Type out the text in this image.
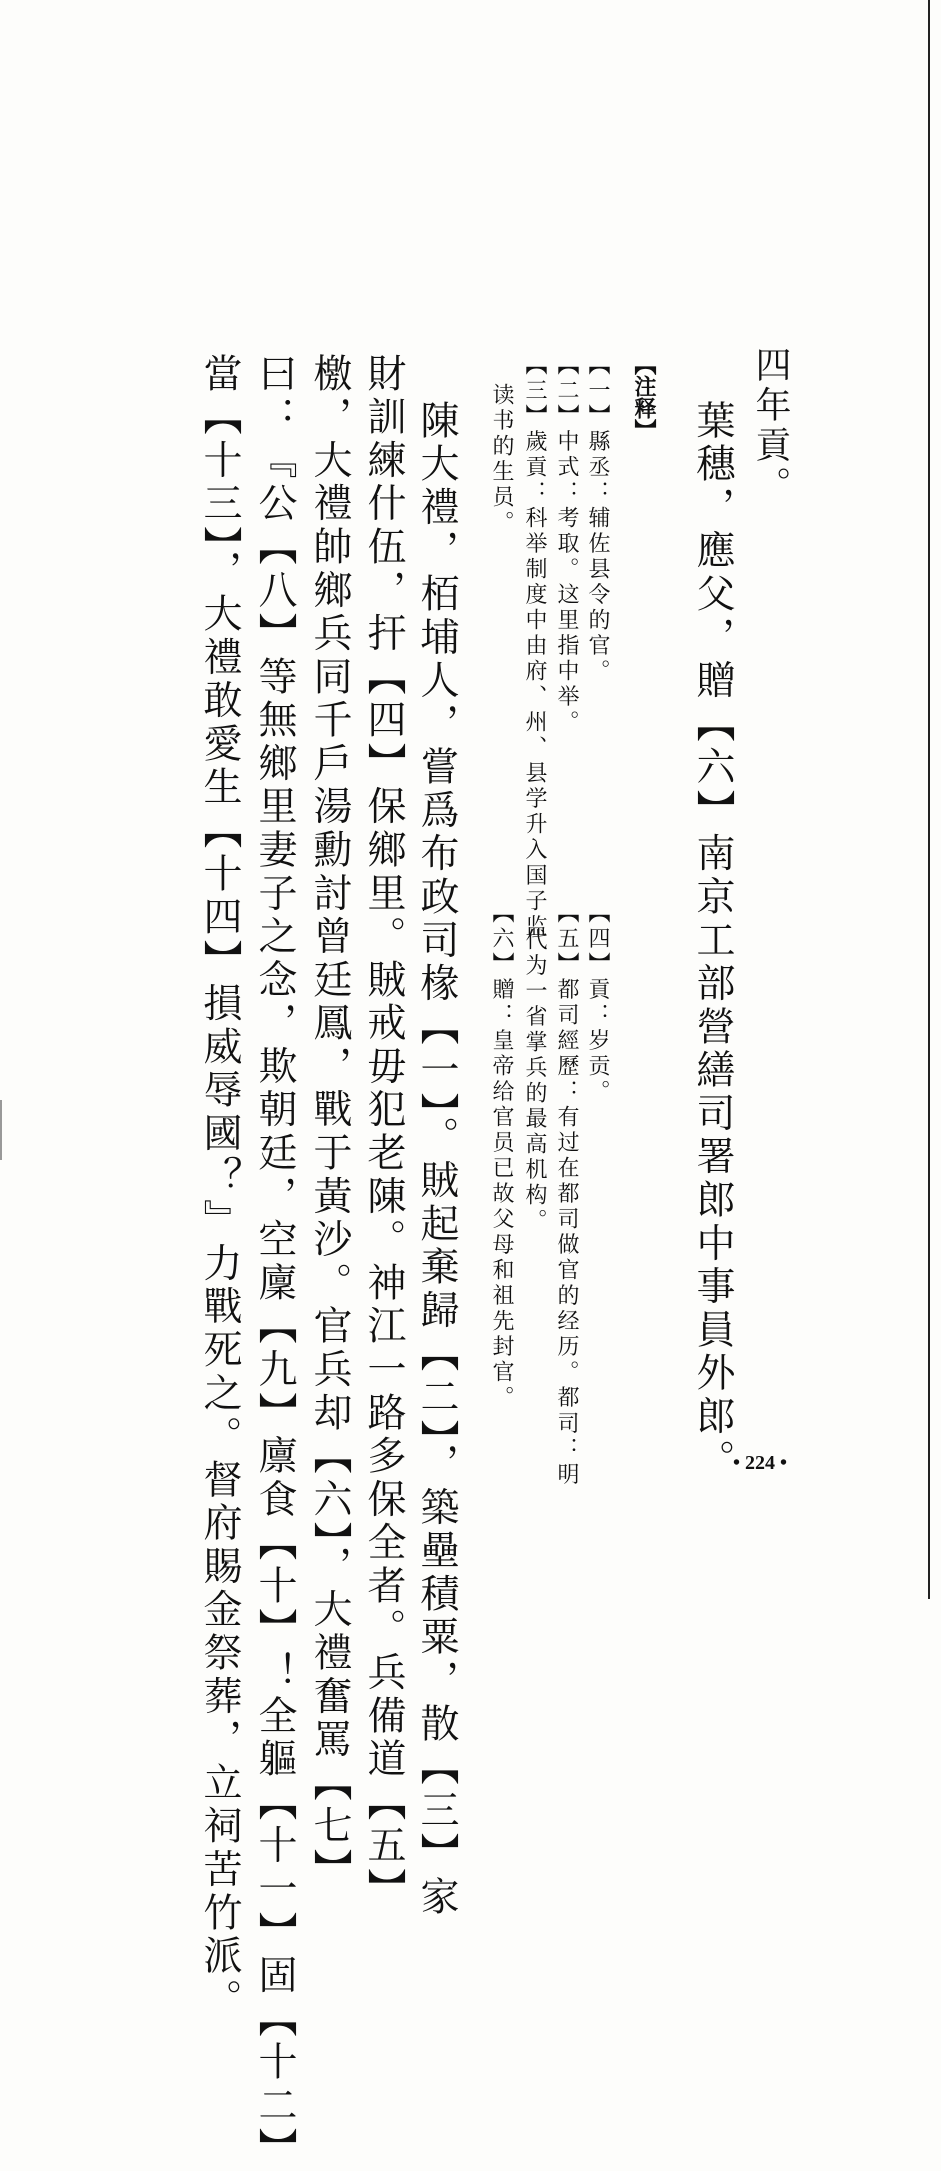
四年貢。
葉穗，應父，贈【六】南京工部營繕司署郎中事員外郎。
【注释】
【一】縣丞：辅佐县令的官。
【四】貢：岁贡。
【二】中式：考取。这里指中举。
【五】都司經歷：有过在都司做官的经历。都司：明
【三】歲貢：科举制度中由府、州、县学升入国子监
代为一省掌兵的最高机构。
读书的生员。
【六】贈：皇帝给官员已故父母和祖先封官。
陳大禮，栢埔人，嘗爲布政司椽【一】。賊起棄歸【二】，築壘積粟，散【三】家
財訓練什伍，扞【四】保鄉里。賊戒毋犯老陳。神江一路多保全者。兵備道【五】
檄，大禮帥鄉兵同千戶湯勳討曾廷鳳，戰于黃沙。官兵却【六】，大禮奮罵【七】
曰：『公【八】等無鄉里妻子之念，欺朝廷，空廩【九】廪食【十】！全軀【十一】固【十二】
當【十三】，大禮敢愛生【十四】損威辱國？』力戰死之。督府賜金祭葬，立祠苦竹派。	• 224 •
